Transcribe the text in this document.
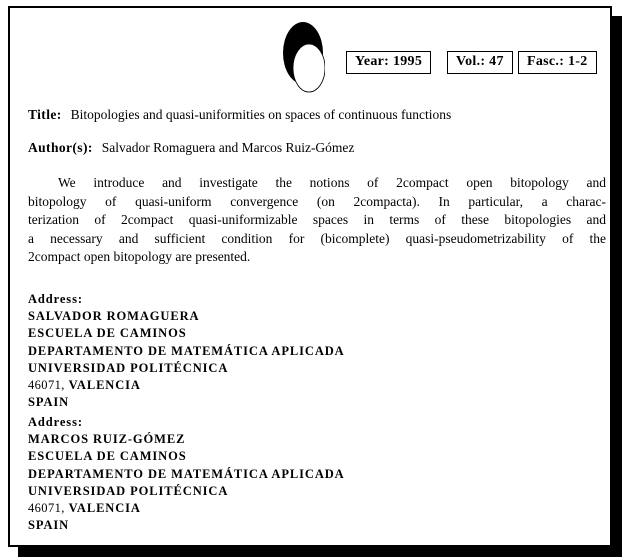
Year: 1995	Vol.: 47	Fasc.: 1-2
Title: Bitopologies and quasi-uniformities on spaces of continuous functions
Author(s): Salvador Romaguera and Marcos Ruiz-Gómez
We introduce and investigate the notions of 2compact open bitopology and
bitopology of quasi-uniform convergence (on 2compacta). In particular, a charac-
terization of 2compact quasi-uniformizable spaces in terms of these bitopologies and
a necessary and sufficient condition for (bicomplete) quasi-pseudometrizability of the
2compact open bitopology are presented.
Address:
SALVADOR ROMAGUERA
ESCUELA DE CAMINOS
DEPARTAMENTO DE MATEMÁTICA APLICADA
UNIVERSIDAD POLITÉCNICA
46071, VALENCIA
SPAIN
Address:
MARCOS RUIZ-GÓMEZ
ESCUELA DE CAMINOS
DEPARTAMENTO DE MATEMÁTICA APLICADA
UNIVERSIDAD POLITÉCNICA
46071, VALENCIA
SPAIN
